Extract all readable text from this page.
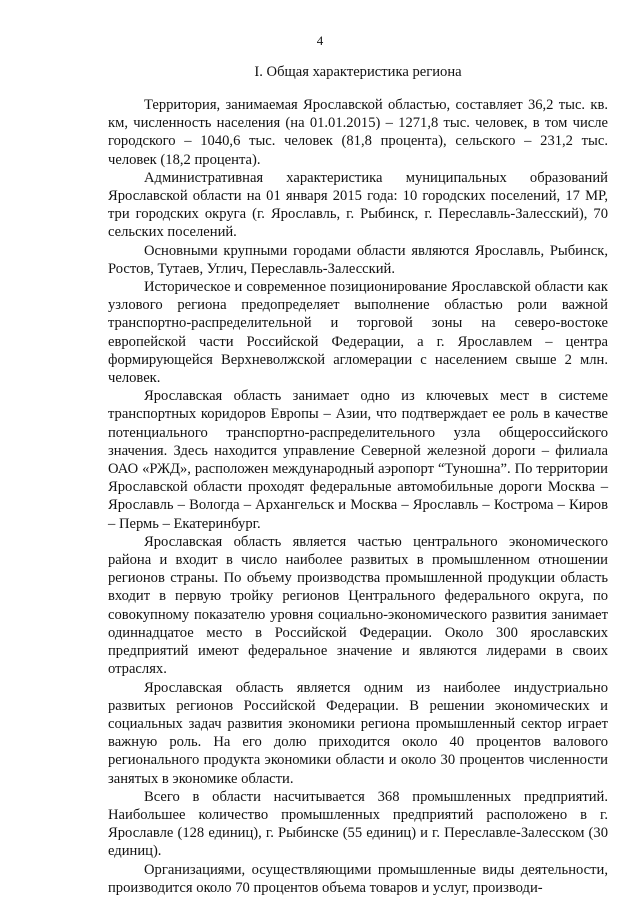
4
I. Общая характеристика региона

Территория, занимаемая Ярославской областью, составляет 36,2 тыс. кв. км, численность населения (на 01.01.2015) – 1271,8 тыс. человек, в том числе городского – 1040,6 тыс. человек (81,8 процента), сельского – 231,2 тыс. человек (18,2 процента).

Административная характеристика муниципальных образований Ярославской области на 01 января 2015 года: 10 городских поселений, 17 МР, три городских округа (г. Ярославль, г. Рыбинск, г. Переславль-Залесский), 70 сельских поселений.

Основными крупными городами области являются Ярославль, Рыбинск, Ростов, Тутаев, Углич, Переславль-Залесский.

Историческое и современное позиционирование Ярославской области как узлового региона предопределяет выполнение областью роли важной транспортно-распределительной и торговой зоны на северо-востоке европейской части Российской Федерации, а г. Ярославлем – центра формирующейся Верхневолжской агломерации с населением свыше 2 млн. человек.

Ярославская область занимает одно из ключевых мест в системе транспортных коридоров Европы – Азии, что подтверждает ее роль в качестве потенциального транспортно-распределительного узла общероссийского значения. Здесь находится управление Северной железной дороги – филиала ОАО «РЖД», расположен международный аэропорт “Туношна”. По территории Ярославской области проходят федеральные автомобильные дороги Москва – Ярославль – Вологда – Архангельск и Москва – Ярославль – Кострома – Киров – Пермь – Екатеринбург.

Ярославская область является частью центрального экономического района и входит в число наиболее развитых в промышленном отношении регионов страны. По объему производства промышленной продукции область входит в первую тройку регионов Центрального федерального округа, по совокупному показателю уровня социально-экономического развития занимает одиннадцатое место в Российской Федерации. Около 300 ярославских предприятий имеют федеральное значение и являются лидерами в своих отраслях.

Ярославская область является одним из наиболее индустриально развитых регионов Российской Федерации. В решении экономических и социальных задач развития экономики региона промышленный сектор играет важную роль. На его долю приходится около 40 процентов валового регионального продукта экономики области и около 30 процентов численности занятых в экономике области.

Всего в области насчитывается 368 промышленных предприятий. Наибольшее количество промышленных предприятий расположено в г. Ярославле (128 единиц), г. Рыбинске (55 единиц) и г. Переславле-Залесском (30 единиц).

Организациями, осуществляющими промышленные виды деятельности, производится около 70 процентов объема товаров и услуг, производи-
